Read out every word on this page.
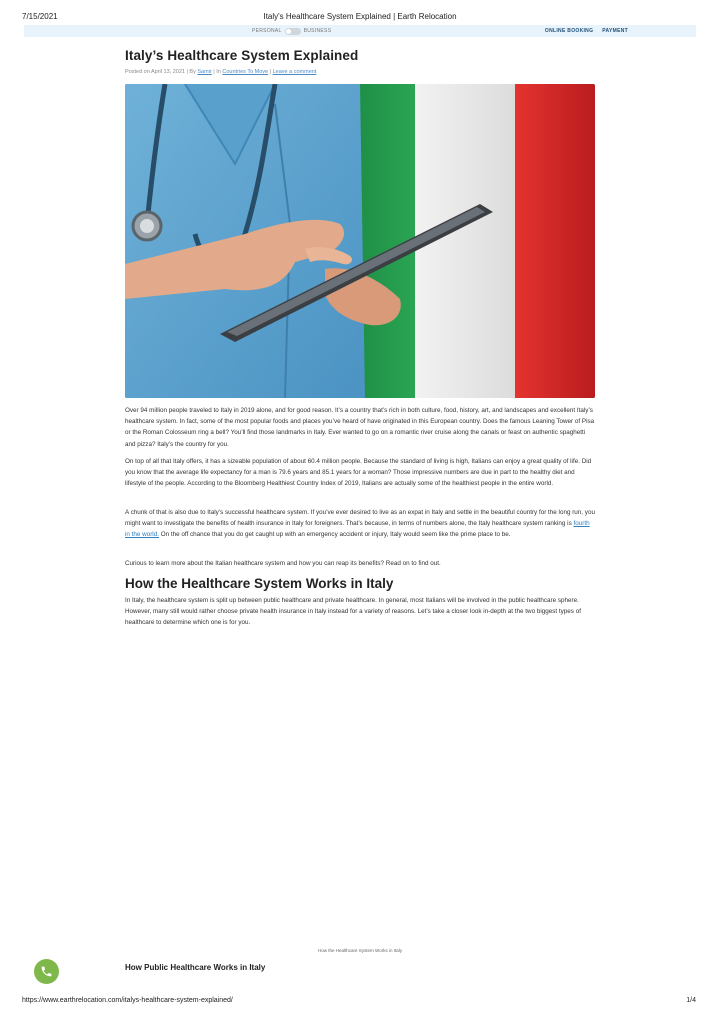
7/15/2021	Italy's Healthcare System Explained | Earth Relocation
PERSONAL	BUSINESS	ONLINE BOOKING PAYMENT
Italy’s Healthcare System Explained
Posted on April 13, 2021 | By Samir | In Countries To Move | Leave a comment

Over 94 million people traveled to Italy in 2019 alone, and for good reason. It’s a country that’s rich in both culture, food, history, art, and landscapes and excellent Italy’s healthcare system. In fact, some of the most popular foods and places you’ve heard of have originated in this European country. Does the famous Leaning Tower of Pisa or the Roman Colosseum ring a bell? You’ll find those landmarks in Italy. Ever wanted to go on a romantic river cruise along the canals or feast on authentic spaghetti and pizza? Italy’s the country for you.

On top of all that Italy offers, it has a sizeable population of about 60.4 million people. Because the standard of living is high, Italians can enjoy a great quality of life. Did you know that the average life expectancy for a man is 79.6 years and 85.1 years for a woman? Those impressive numbers are due in part to the healthy diet and lifestyle of the people. According to the Bloomberg Healthiest Country Index of 2019, Italians are actually some of the healthiest people in the entire world.

A chunk of that is also due to Italy’s successful healthcare system. If you’ve ever desired to live as an expat in Italy and settle in the beautiful country for the long run, you might want to investigate the benefits of health insurance in Italy for foreigners. That’s because, in terms of numbers alone, the Italy healthcare system ranking is fourth in the world. On the off chance that you do get caught up with an emergency accident or injury, Italy would seem like the prime place to be.

Curious to learn more about the Italian healthcare system and how you can reap its benefits? Read on to find out.

How the Healthcare System Works in Italy

In Italy, the healthcare system is split up between public healthcare and private healthcare. In general, most Italians will be involved in the public healthcare sphere. However, many still would rather choose private health insurance in Italy instead for a variety of reasons. Let’s take a closer look in-depth at the two biggest types of healthcare to determine which one is for you.

How the Healthcare System Works in Italy
How Public Healthcare Works in Italy
https://www.earthrelocation.com/italys-healthcare-system-explained/	1/4
